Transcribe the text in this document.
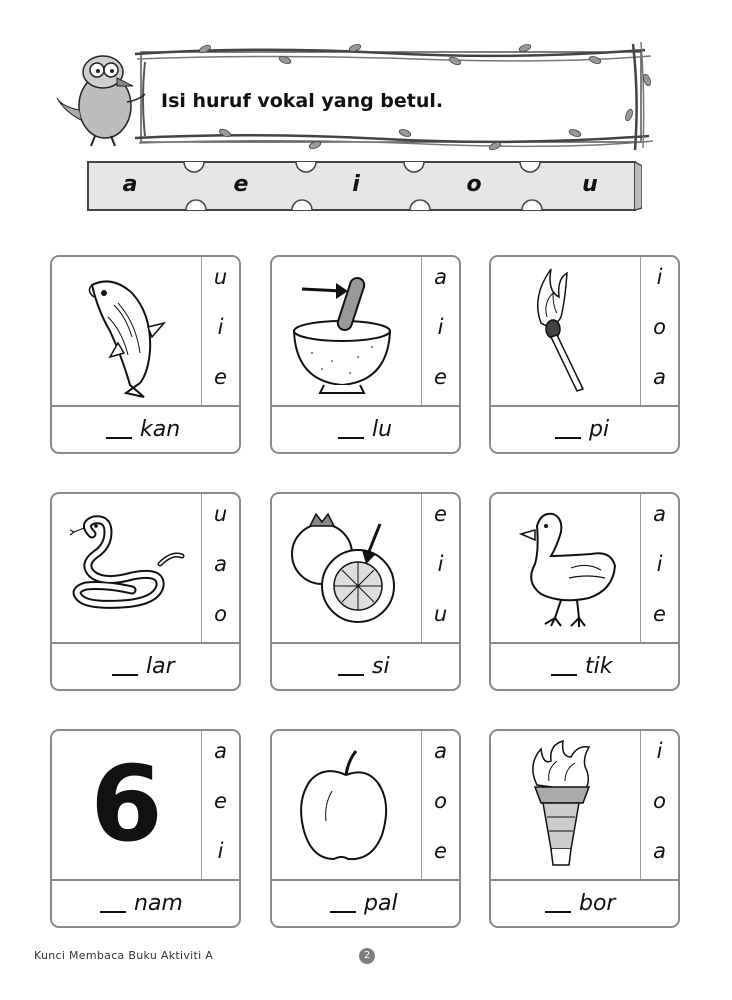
Isi huruf vokal yang betul.
a	e	i	o	u
u
i
e
kan
a
i
e
lu
i
o
a
pi
u
a
o
lar
e
i
u
si
a
i
e
tik
6	a
e
i
nam
a
o
e
pal
i
o
a
bor
Kunci Membaca Buku Aktiviti A	2
